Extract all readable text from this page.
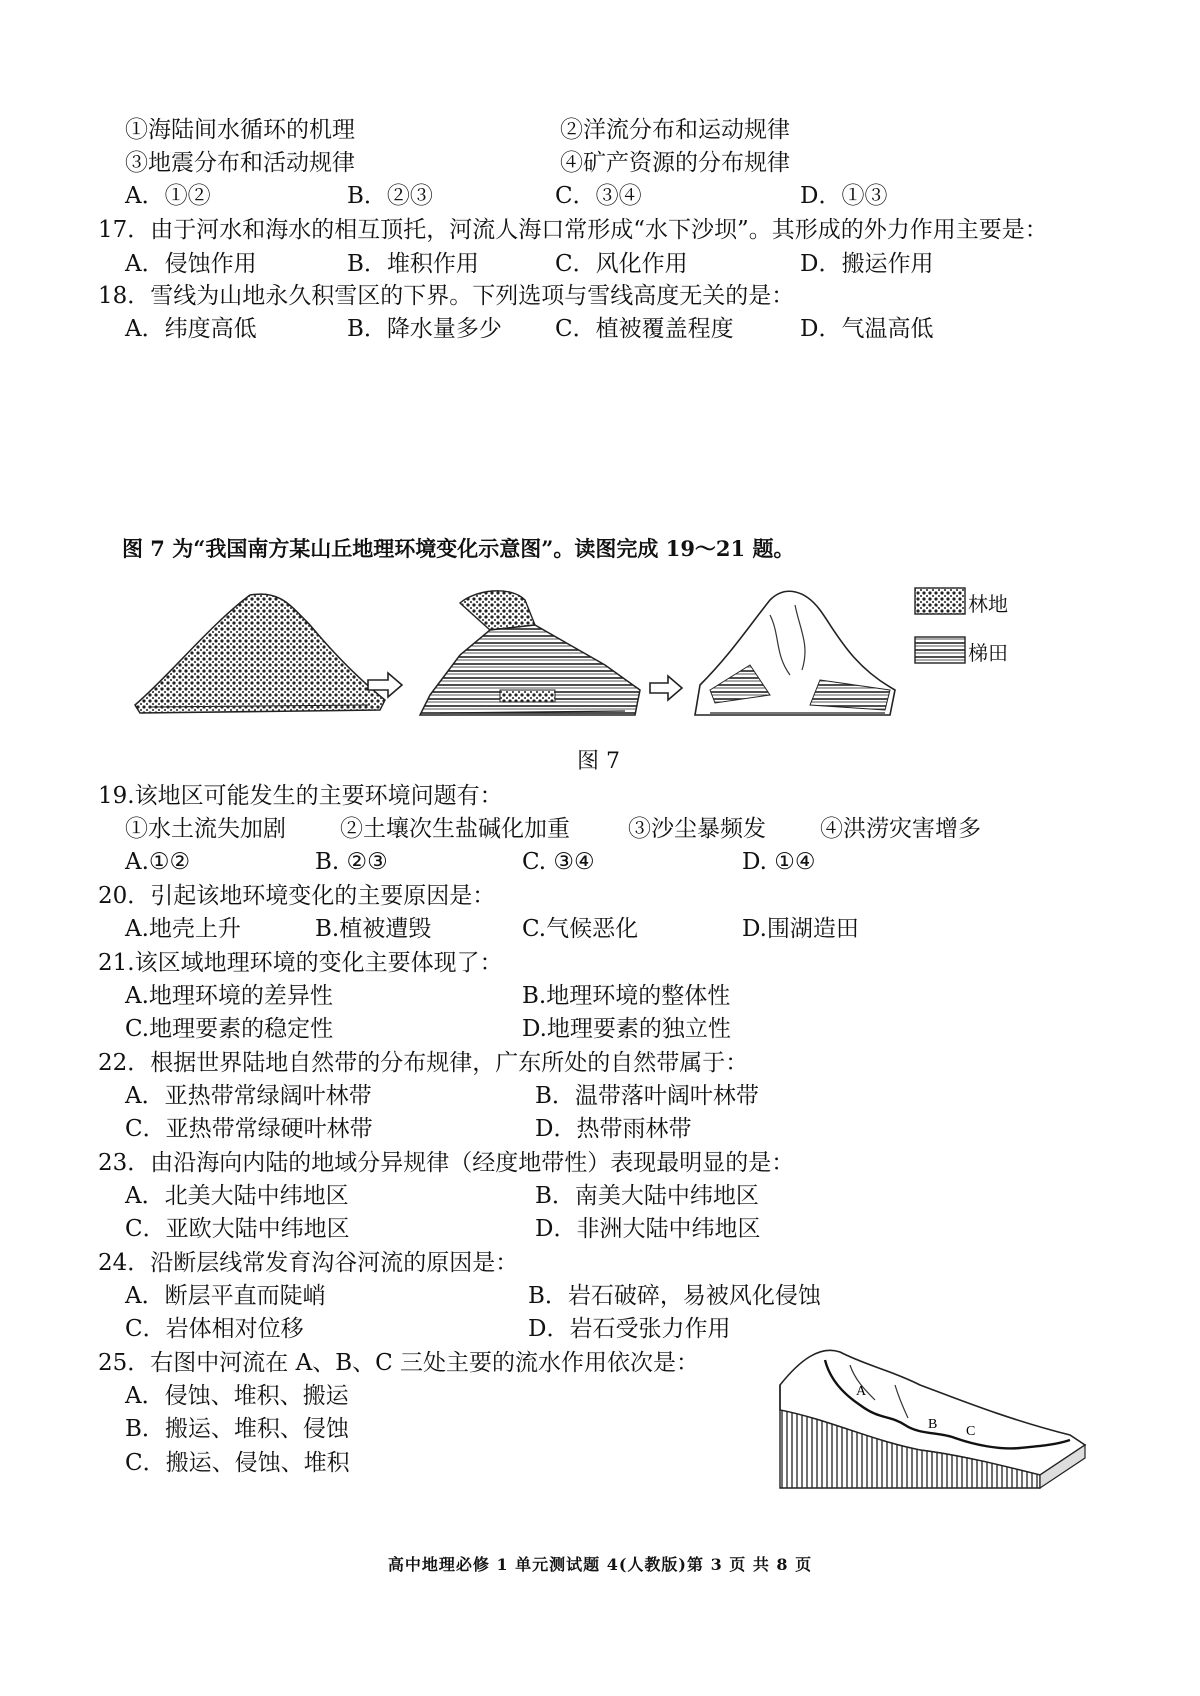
①海陆间水循环的机理	②洋流分布和运动规律
③地震分布和活动规律	④矿产资源的分布规律
A．①②	B．②③	C．③④	D．①③
17．由于河水和海水的相互顶托，河流人海口常形成“水下沙坝”。其形成的外力作用主要是：
A．侵蚀作用	B．堆积作用	C．风化作用	D．搬运作用
18．雪线为山地永久积雪区的下界。下列选项与雪线高度无关的是：
A．纬度高低	B．降水量多少 C．植被覆盖程度	D．气温高低
图 7 为“我国南方某山丘地理环境变化示意图”。读图完成 19～21 题。
林地
梯田
图 7
19.该地区可能发生的主要环境问题有：
①水土流失加剧 ②土壤次生盐碱化加重	③沙尘暴频发 ④洪涝灾害增多
A.①②	B. ②③	C. ③④	D. ①④
20．引起该地环境变化的主要原因是：
A.地壳上升	B.植被遭毁	C.气候恶化	D.围湖造田
21.该区域地理环境的变化主要体现了：
A.地理环境的差异性	B.地理环境的整体性
C.地理要素的稳定性	D.地理要素的独立性
22．根据世界陆地自然带的分布规律，广东所处的自然带属于：
A．亚热带常绿阔叶林带	B．温带落叶阔叶林带
C．亚热带常绿硬叶林带	D．热带雨林带
23．由沿海向内陆的地域分异规律（经度地带性）表现最明显的是：
A．北美大陆中纬地区	B．南美大陆中纬地区
C．亚欧大陆中纬地区	D．非洲大陆中纬地区
24．沿断层线常发育沟谷河流的原因是：
A．断层平直而陡峭	B．岩石破碎，易被风化侵蚀
C．岩体相对位移	D．岩石受张力作用
25．右图中河流在 A、B、C 三处主要的流水作用依次是：
A．侵蚀、堆积、搬运
B．搬运、堆积、侵蚀
C．搬运、侵蚀、堆积
A
B C
高中地理必修 1 单元测试题 4(人教版)第 3 页 共 8 页
